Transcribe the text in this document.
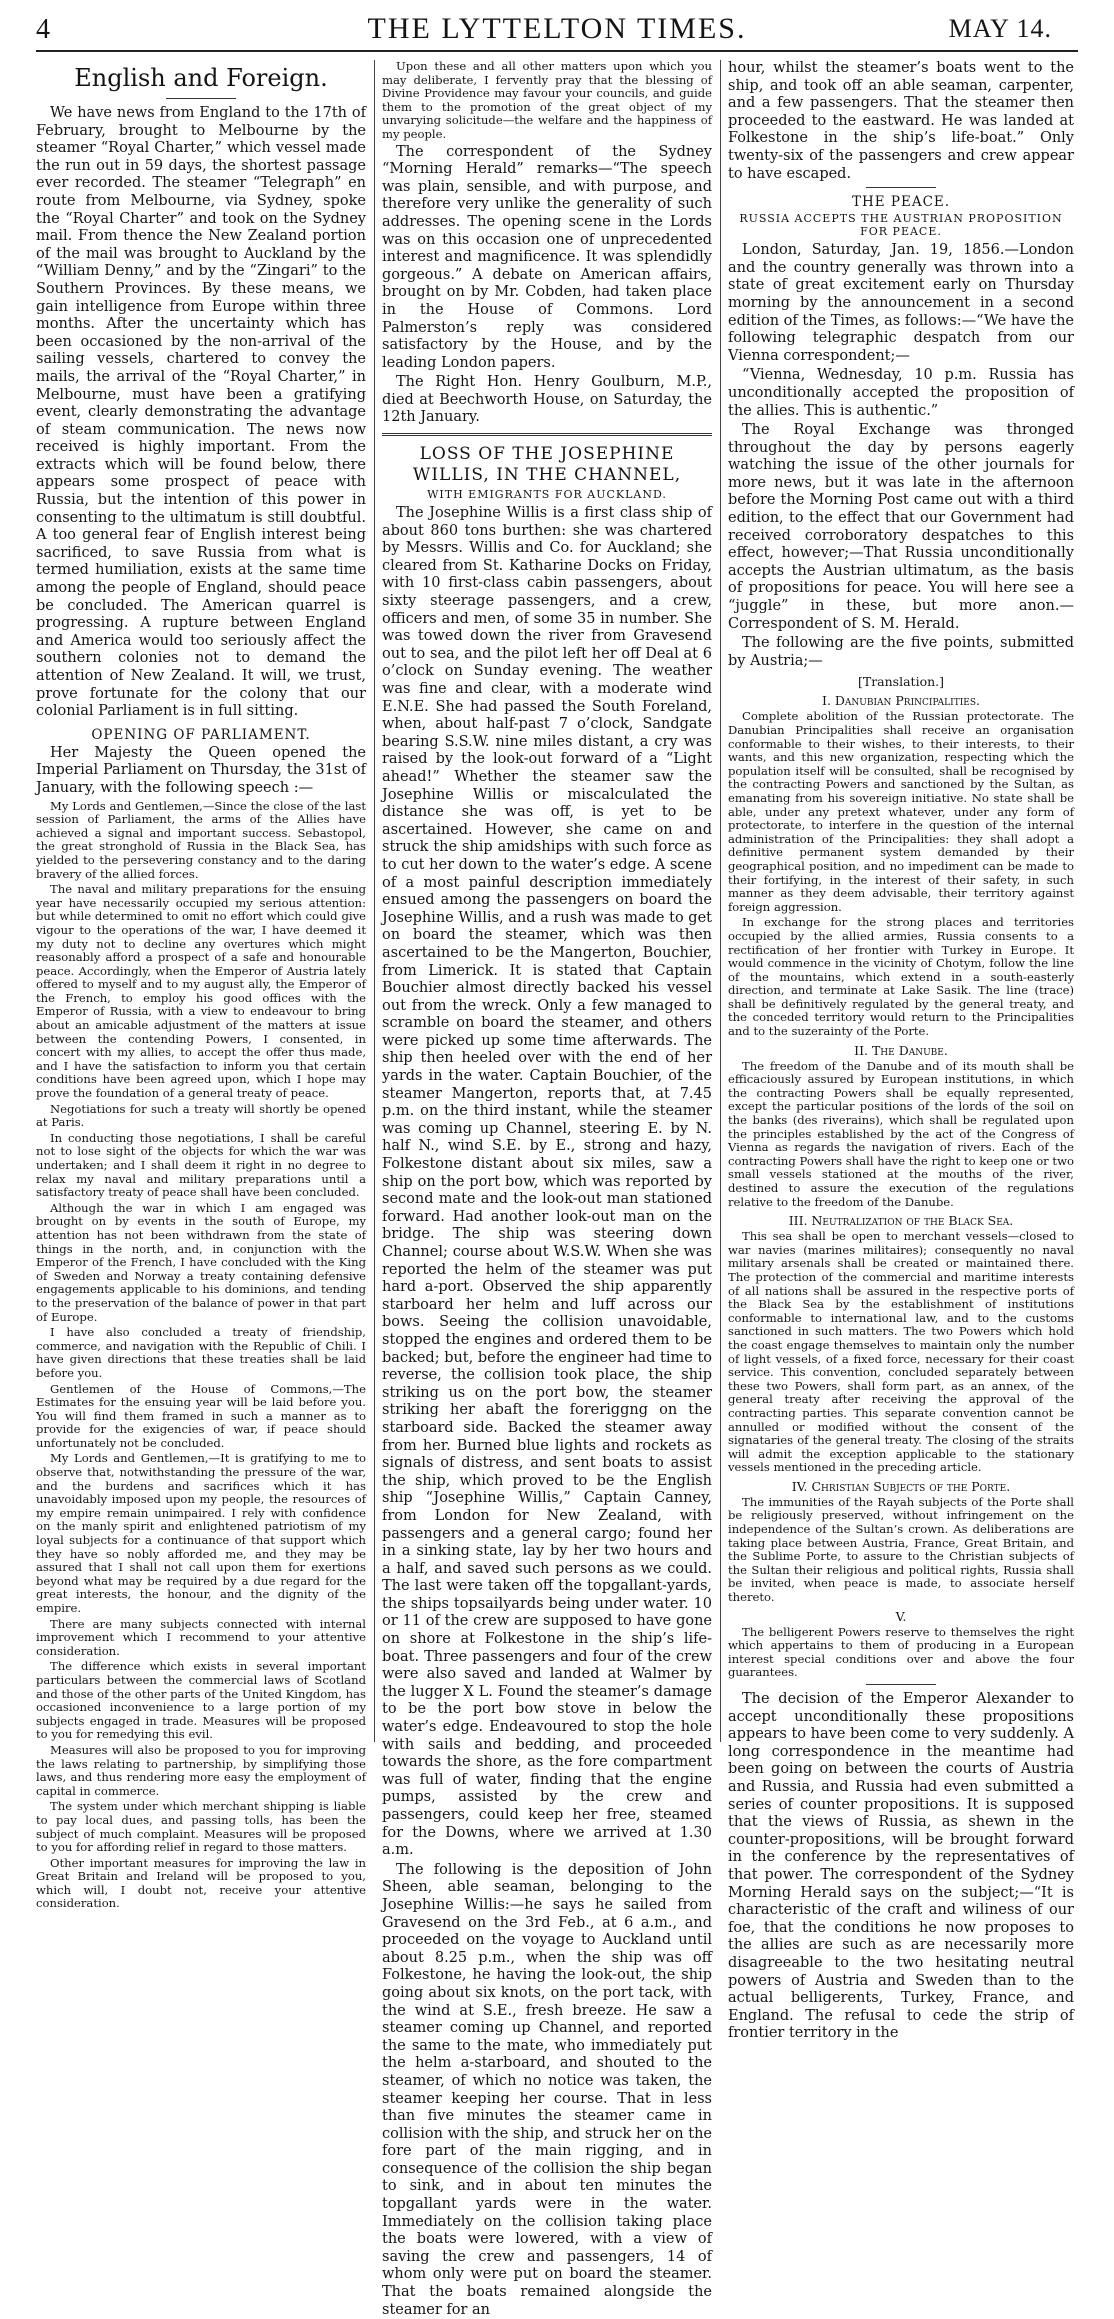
4	THE LYTTELTON TIMES.	MAY 14.
English and Foreign.

We have news from England to the 17th of February, brought to Melbourne by the steamer “Royal Charter,” which vessel made the run out in 59 days, the shortest passage ever recorded. The steamer “Telegraph” en route from Melbourne, via Sydney, spoke the “Royal Charter” and took on the Sydney mail. From thence the New Zealand portion of the mail was brought to Auckland by the “William Denny,” and by the “Zingari” to the Southern Provinces. By these means, we gain intelligence from Europe within three months. After the uncertainty which has been occasioned by the non-arrival of the sailing vessels, chartered to convey the mails, the arrival of the “Royal Charter,” in Melbourne, must have been a gratifying event, clearly demonstrating the advantage of steam communication. The news now received is highly important. From the extracts which will be found below, there appears some prospect of peace with Russia, but the intention of this power in consenting to the ultimatum is still doubtful. A too general fear of English interest being sacrificed, to save Russia from what is termed humiliation, exists at the same time among the people of England, should peace be concluded. The American quarrel is progressing. A rupture between England and America would too seriously affect the southern colonies not to demand the attention of New Zealand. It will, we trust, prove fortunate for the colony that our colonial Parliament is in full sitting.

OPENING OF PARLIAMENT.

Her Majesty the Queen opened the Imperial Parliament on Thursday, the 31st of January, with the following speech :—

My Lords and Gentlemen,—Since the close of the last session of Parliament, the arms of the Allies have achieved a signal and important success. Sebastopol, the great stronghold of Russia in the Black Sea, has yielded to the persevering constancy and to the daring bravery of the allied forces.

The naval and military preparations for the ensuing year have necessarily occupied my serious attention: but while determined to omit no effort which could give vigour to the operations of the war, I have deemed it my duty not to decline any overtures which might reasonably afford a prospect of a safe and honourable peace. Accordingly, when the Emperor of Austria lately offered to myself and to my august ally, the Emperor of the French, to employ his good offices with the Emperor of Russia, with a view to endeavour to bring about an amicable adjustment of the matters at issue between the contending Powers, I consented, in concert with my allies, to accept the offer thus made, and I have the satisfaction to inform you that certain conditions have been agreed upon, which I hope may prove the foundation of a general treaty of peace.

Negotiations for such a treaty will shortly be opened at Paris.

In conducting those negotiations, I shall be careful not to lose sight of the objects for which the war was undertaken; and I shall deem it right in no degree to relax my naval and military preparations until a satisfactory treaty of peace shall have been concluded.

Although the war in which I am engaged was brought on by events in the south of Europe, my attention has not been withdrawn from the state of things in the north, and, in conjunction with the Emperor of the French, I have concluded with the King of Sweden and Norway a treaty containing defensive engagements applicable to his dominions, and tending to the preservation of the balance of power in that part of Europe.

I have also concluded a treaty of friendship, commerce, and navigation with the Republic of Chili. I have given directions that these treaties shall be laid before you.

Gentlemen of the House of Commons,—The Estimates for the ensuing year will be laid before you. You will find them framed in such a manner as to provide for the exigencies of war, if peace should unfortunately not be concluded.

My Lords and Gentlemen,—It is gratifying to me to observe that, notwithstanding the pressure of the war, and the burdens and sacrifices which it has unavoidably imposed upon my people, the resources of my empire remain unimpaired. I rely with confidence on the manly spirit and enlightened patriotism of my loyal subjects for a continuance of that support which they have so nobly afforded me, and they may be assured that I shall not call upon them for exertions beyond what may be required by a due regard for the great interests, the honour, and the dignity of the empire.

There are many subjects connected with internal improvement which I recommend to your attentive consideration.

The difference which exists in several important particulars between the commercial laws of Scotland and those of the other parts of the United Kingdom, has occasioned inconvenience to a large portion of my subjects engaged in trade. Measures will be proposed to you for remedying this evil.

Measures will also be proposed to you for improving the laws relating to partnership, by simplifying those laws, and thus rendering more easy the employment of capital in commerce.

The system under which merchant shipping is liable to pay local dues, and passing tolls, has been the subject of much complaint. Measures will be proposed to you for affording relief in regard to those matters.

Other important measures for improving the law in Great Britain and Ireland will be proposed to you, which will, I doubt not, receive your attentive consideration.

Upon these and all other matters upon which you may deliberate, I fervently pray that the blessing of Divine Providence may favour your councils, and guide them to the promotion of the great object of my unvarying solicitude—the welfare and the happiness of my people.

The correspondent of the Sydney “Morning Herald” remarks—“The speech was plain, sensible, and with purpose, and therefore very unlike the generality of such addresses. The opening scene in the Lords was on this occasion one of unprecedented interest and magnificence. It was splendidly gorgeous.” A debate on American affairs, brought on by Mr. Cobden, had taken place in the House of Commons. Lord Palmerston’s reply was considered satisfactory by the House, and by the leading London papers.

The Right Hon. Henry Goulburn, M.P., died at Beechworth House, on Saturday, the 12th January.

LOSS OF THE JOSEPHINE WILLIS, IN THE CHANNEL,
WITH EMIGRANTS FOR AUCKLAND.

The Josephine Willis is a first class ship of about 860 tons burthen: she was chartered by Messrs. Willis and Co. for Auckland; she cleared from St. Katharine Docks on Friday, with 10 first-class cabin passengers, about sixty steerage passengers, and a crew, officers and men, of some 35 in number. She was towed down the river from Gravesend out to sea, and the pilot left her off Deal at 6 o’clock on Sunday evening. The weather was fine and clear, with a moderate wind E.N.E. She had passed the South Foreland, when, about half-past 7 o’clock, Sandgate bearing S.S.W. nine miles distant, a cry was raised by the look-out forward of a “Light ahead!” Whether the steamer saw the Josephine Willis or miscalculated the distance she was off, is yet to be ascertained. However, she came on and struck the ship amidships with such force as to cut her down to the water’s edge. A scene of a most painful description immediately ensued among the passengers on board the Josephine Willis, and a rush was made to get on board the steamer, which was then ascertained to be the Mangerton, Bouchier, from Limerick. It is stated that Captain Bouchier almost directly backed his vessel out from the wreck. Only a few managed to scramble on board the steamer, and others were picked up some time afterwards. The ship then heeled over with the end of her yards in the water. Captain Bouchier, of the steamer Mangerton, reports that, at 7.45 p.m. on the third instant, while the steamer was coming up Channel, steering E. by N. half N., wind S.E. by E., strong and hazy, Folkestone distant about six miles, saw a ship on the port bow, which was reported by second mate and the look-out man stationed forward. Had another look-out man on the bridge. The ship was steering down Channel; course about W.S.W. When she was reported the helm of the steamer was put hard a-port. Observed the ship apparently starboard her helm and luff across our bows. Seeing the collision unavoidable, stopped the engines and ordered them to be backed; but, before the engineer had time to reverse, the collision took place, the ship striking us on the port bow, the steamer striking her abaft the foreriggng on the starboard side. Backed the steamer away from her. Burned blue lights and rockets as signals of distress, and sent boats to assist the ship, which proved to be the English ship “Josephine Willis,” Captain Canney, from London for New Zealand, with passengers and a general cargo; found her in a sinking state, lay by her two hours and a half, and saved such persons as we could. The last were taken off the topgallant-yards, the ships topsailyards being under water. 10 or 11 of the crew are supposed to have gone on shore at Folkestone in the ship’s life-boat. Three passengers and four of the crew were also saved and landed at Walmer by the lugger X L. Found the steamer’s damage to be the port bow stove in below the water’s edge. Endeavoured to stop the hole with sails and bedding, and proceeded towards the shore, as the fore compartment was full of water, finding that the engine pumps, assisted by the crew and passengers, could keep her free, steamed for the Downs, where we arrived at 1.30 a.m.

The following is the deposition of John Sheen, able seaman, belonging to the Josephine Willis:—he says he sailed from Gravesend on the 3rd Feb., at 6 a.m., and proceeded on the voyage to Auckland until about 8.25 p.m., when the ship was off Folkestone, he having the look-out, the ship going about six knots, on the port tack, with the wind at S.E., fresh breeze. He saw a steamer coming up Channel, and reported the same to the mate, who immediately put the helm a-starboard, and shouted to the steamer, of which no notice was taken, the steamer keeping her course. That in less than five minutes the steamer came in collision with the ship, and struck her on the fore part of the main rigging, and in consequence of the collision the ship began to sink, and in about ten minutes the topgallant yards were in the water. Immediately on the collision taking place the boats were lowered, with a view of saving the crew and passengers, 14 of whom only were put on board the steamer. That the boats remained alongside the steamer for an

hour, whilst the steamer’s boats went to the ship, and took off an able seaman, carpenter, and a few passengers. That the steamer then proceeded to the eastward. He was landed at Folkestone in the ship’s life-boat.” Only twenty-six of the passengers and crew appear to have escaped.

THE PEACE.
RUSSIA ACCEPTS THE AUSTRIAN PROPOSITION FOR PEACE.

London, Saturday, Jan. 19, 1856.—London and the country generally was thrown into a state of great excitement early on Thursday morning by the announcement in a second edition of the Times, as follows:—“We have the following telegraphic despatch from our Vienna correspondent;—

“Vienna, Wednesday, 10 p.m. Russia has unconditionally accepted the proposition of the allies. This is authentic.”

The Royal Exchange was thronged throughout the day by persons eagerly watching the issue of the other journals for more news, but it was late in the afternoon before the Morning Post came out with a third edition, to the effect that our Government had received corroboratory despatches to this effect, however;—That Russia unconditionally accepts the Austrian ultimatum, as the basis of propositions for peace. You will here see a “juggle” in these, but more anon.—Correspondent of S. M. Herald.

The following are the five points, submitted by Austria;—

[Translation.]
I. Danubian Principalities.

Complete abolition of the Russian protectorate. The Danubian Principalities shall receive an organisation conformable to their wishes, to their interests, to their wants, and this new organization, respecting which the population itself will be consulted, shall be recognised by the contracting Powers and sanctioned by the Sultan, as emanating from his sovereign initiative. No state shall be able, under any pretext whatever, under any form of protectorate, to interfere in the question of the internal administration of the Principalities: they shall adopt a definitive permanent system demanded by their geographical position, and no impediment can be made to their fortifying, in the interest of their safety, in such manner as they deem advisable, their territory against foreign aggression.

In exchange for the strong places and territories occupied by the allied armies, Russia consents to a rectification of her frontier with Turkey in Europe. It would commence in the vicinity of Chotym, follow the line of the mountains, which extend in a south-easterly direction, and terminate at Lake Sasik. The line (trace) shall be definitively regulated by the general treaty, and the conceded territory would return to the Principalities and to the suzerainty of the Porte.

II. The Danube.

The freedom of the Danube and of its mouth shall be efficaciously assured by European institutions, in which the contracting Powers shall be equally represented, except the particular positions of the lords of the soil on the banks (des riverains), which shall be regulated upon the principles established by the act of the Congress of Vienna as regards the navigation of rivers. Each of the contracting Powers shall have the right to keep one or two small vessels stationed at the mouths of the river, destined to assure the execution of the regulations relative to the freedom of the Danube.

III. Neutralization of the Black Sea.

This sea shall be open to merchant vessels—closed to war navies (marines militaires); consequently no naval military arsenals shall be created or maintained there. The protection of the commercial and maritime interests of all nations shall be assured in the respective ports of the Black Sea by the establishment of institutions conformable to international law, and to the customs sanctioned in such matters. The two Powers which hold the coast engage themselves to maintain only the number of light vessels, of a fixed force, necessary for their coast service. This convention, concluded separately between these two Powers, shall form part, as an annex, of the general treaty after receiving the approval of the contracting parties. This separate convention cannot be annulled or modified without the consent of the signataries of the general treaty. The closing of the straits will admit the exception applicable to the stationary vessels mentioned in the preceding article.

IV. Christian Subjects of the Porte.

The immunities of the Rayah subjects of the Porte shall be religiously preserved, without infringement on the independence of the Sultan’s crown. As deliberations are taking place between Austria, France, Great Britain, and the Sublime Porte, to assure to the Christian subjects of the Sultan their religious and political rights, Russia shall be invited, when peace is made, to associate herself thereto.

V.

The belligerent Powers reserve to themselves the right which appertains to them of producing in a European interest special conditions over and above the four guarantees.

The decision of the Emperor Alexander to accept unconditionally these propositions appears to have been come to very suddenly. A long correspondence in the meantime had been going on between the courts of Austria and Russia, and Russia had even submitted a series of counter propositions. It is supposed that the views of Russia, as shewn in the counter-propositions, will be brought forward in the conference by the representatives of that power. The correspondent of the Sydney Morning Herald says on the subject;—“It is characteristic of the craft and wiliness of our foe, that the conditions he now proposes to the allies are such as are necessarily more disagreeable to the two hesitating neutral powers of Austria and Sweden than to the actual belligerents, Turkey, France, and England. The refusal to cede the strip of frontier territory in the
